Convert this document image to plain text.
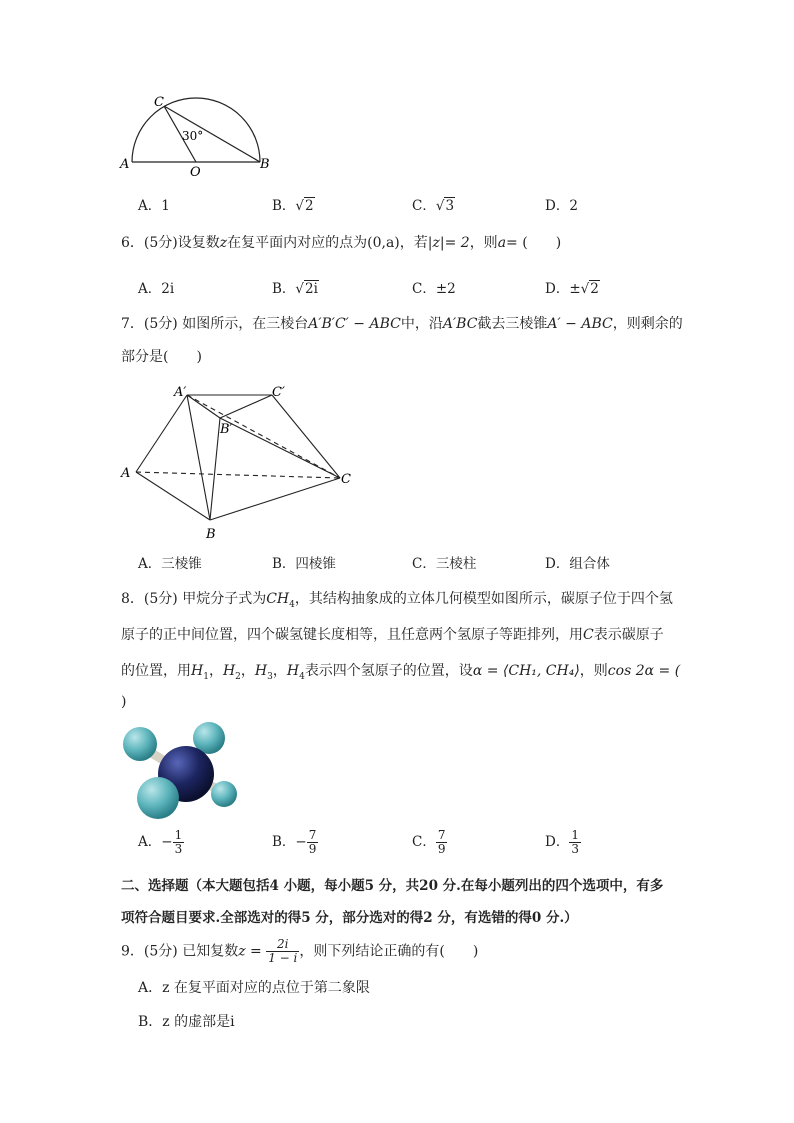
C
A
O
B
30°
A．1	B．√2	C．√3	D．2
6．(5分)设复数z在复平面内对应的点为(0,a)，若|z|= 2，则a= (　　)
A．2i	B．√2i	C．±2	D．±√2
7．(5分) 如图所示，在三棱台A′B′C′ − ABC中，沿A′BC截去三棱锥A′ − ABC，则剩余的
部分是(　　)
A′	C′
B′
A	C
B
A．三棱锥	B．四棱锥	C．三棱柱	D．组合体
8．(5分) 甲烷分子式为$CH_4$，其结构抽象成的立体几何模型如图所示，碳原子位于四个氢
原子的正中间位置，四个碳氢键长度相等，且任意两个氢原子等距排列，用C表示碳原子
的位置，用$H_1$，$H_2$，$H_3$，$H_4$表示四个氢原子的位置，设α = ⟨CH₁, CH₄⟩，则cos 2α = (
)
A．− $\frac{1}{3}$	B．− $\frac{7}{9}$	C． $\frac{7}{9}$	D． $\frac{1}{3}$
二、选择题（本大题包括4 小题，每小题5 分，共20 分.在每小题列出的四个选项中，有多
项符合题目要求.全部选对的得5 分，部分选对的得2 分，有选错的得0 分.）
9．(5分) 已知复数$z = \frac{2i}{1 - i}$ ，则下列结论正确的有(　　)
A．z 在复平面对应的点位于第二象限
B．z 的虚部是i
